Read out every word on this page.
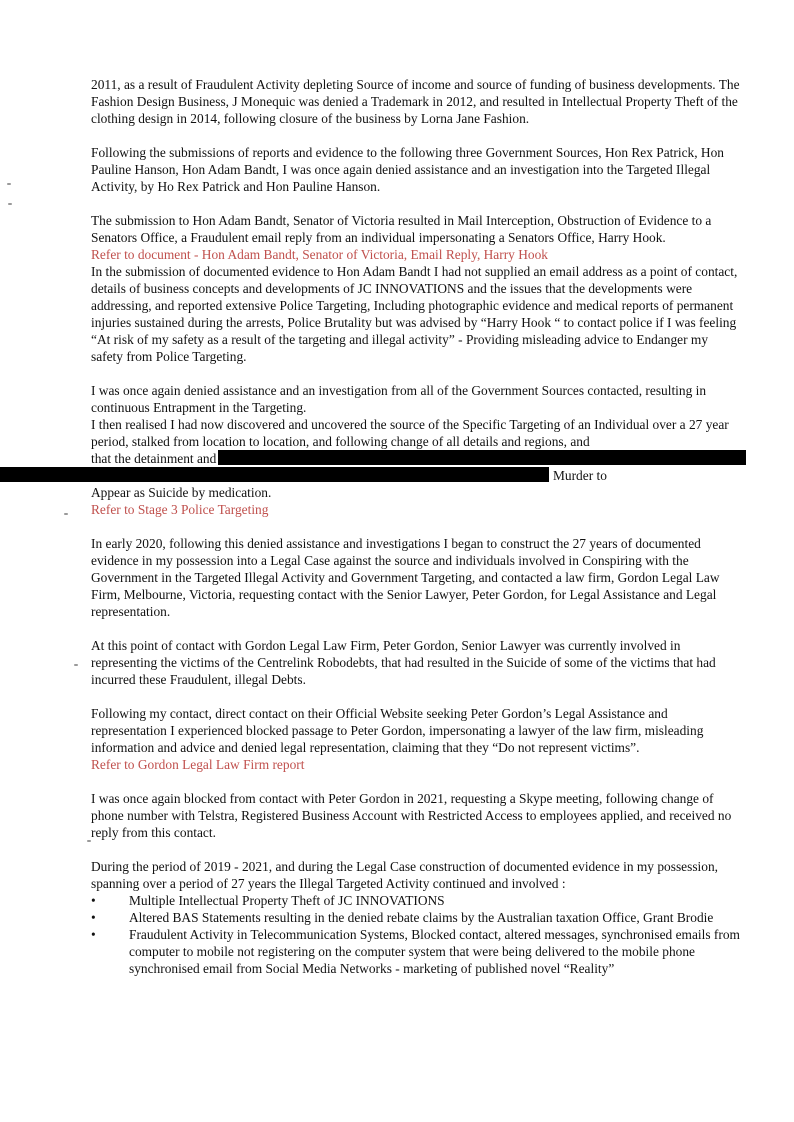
2011, as a result of Fraudulent Activity depleting Source of income and source of funding of business developments. The Fashion Design Business, J Monequic was denied a Trademark in 2012, and resulted in Intellectual Property Theft of the clothing design in 2014, following closure of the business by Lorna Jane Fashion.

Following the submissions of reports and evidence to the following three Government Sources, Hon Rex Patrick, Hon Pauline Hanson, Hon Adam Bandt, I was once again denied assistance and an investigation into the Targeted Illegal Activity, by Ho Rex Patrick and Hon Pauline Hanson.

The submission to Hon Adam Bandt, Senator of Victoria resulted in Mail Interception, Obstruction of Evidence to a Senators Office, a Fraudulent email reply from an individual impersonating a Senators Office, Harry Hook.

Refer to document - Hon Adam Bandt, Senator of Victoria, Email Reply, Harry Hook

In the submission of documented evidence to Hon Adam Bandt I had not supplied an email address as a point of contact, details of business concepts and developments of JC INNOVATIONS and the issues that the developments were addressing, and reported extensive Police Targeting, Including photographic evidence and medical reports of permanent injuries sustained during the arrests, Police Brutality but was advised by “Harry Hook “ to contact police if I was feeling “At risk of my safety as a result of the targeting and illegal activity” - Providing misleading advice to Endanger my safety from Police Targeting.

I was once again denied assistance and an investigation from all of the Government Sources contacted, resulting in continuous Entrapment in the Targeting.

I then realised I had now discovered and uncovered the source of the Specific Targeting of an Individual over a 27 year period, stalked from location to location, and following change of all details and regions, and

that the detainment and

Murder to

Appear as Suicide by medication.

Refer to Stage 3 Police Targeting

In early 2020, following this denied assistance and investigations I began to construct the 27 years of documented evidence in my possession into a Legal Case against the source and individuals involved in Conspiring with the Government in the Targeted Illegal Activity and Government Targeting, and contacted a law firm, Gordon Legal Law Firm, Melbourne, Victoria, requesting contact with the Senior Lawyer, Peter Gordon, for Legal Assistance and Legal representation.

At this point of contact with Gordon Legal Law Firm, Peter Gordon, Senior Lawyer was currently involved in representing the victims of the Centrelink Robodebts, that had resulted in the Suicide of some of the victims that had incurred these Fraudulent, illegal Debts.

Following my contact, direct contact on their Official Website seeking Peter Gordon’s Legal Assistance and representation I experienced blocked passage to Peter Gordon, impersonating a lawyer of the law firm, misleading information and advice and denied legal representation, claiming that they “Do not represent victims”.

Refer to Gordon Legal Law Firm report

I was once again blocked from contact with Peter Gordon in 2021, requesting a Skype meeting, following change of phone number with Telstra, Registered Business Account with Restricted Access to employees applied, and received no reply from this contact.

During the period of 2019 - 2021, and during the Legal Case construction of documented evidence in my possession, spanning over a period of 27 years the Illegal Targeted Activity continued and involved :

• Multiple Intellectual Property Theft of JC INNOVATIONS
• Altered BAS Statements resulting in the denied rebate claims by the Australian taxation Office, Grant Brodie
• Fraudulent Activity in Telecommunication Systems, Blocked contact, altered messages, synchronised emails from computer to mobile not registering on the computer system that were being delivered to the mobile phone synchronised email from Social Media Networks - marketing of published novel “Reality”
